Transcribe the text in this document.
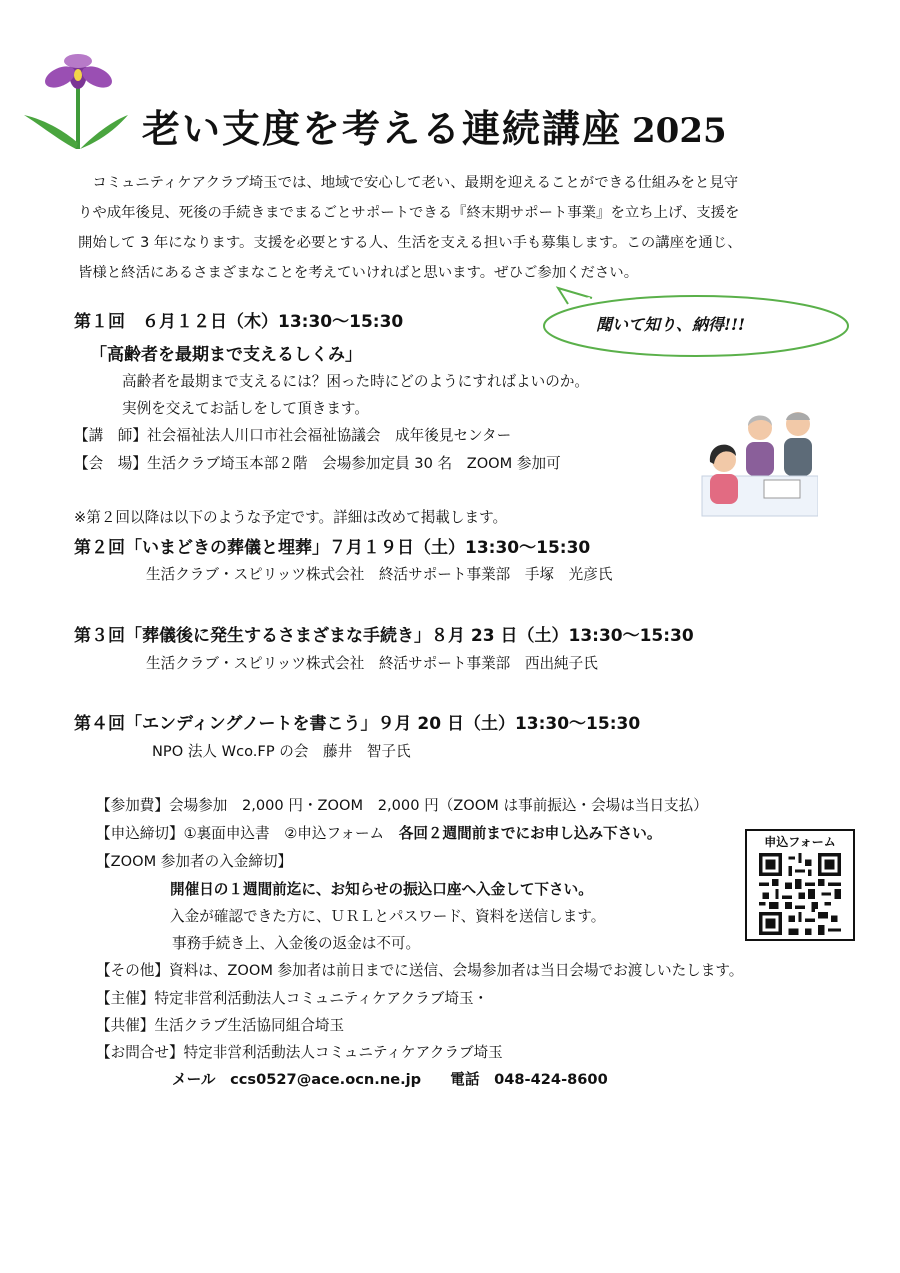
老い支度を考える連続講座 2025

　コミュニティケアクラブ埼玉では、地域で安心して老い、最期を迎えることができる仕組みをと見守

りや成年後見、死後の手続きまでまるごとサポートできる『終末期サポート事業』を立ち上げ、支援を

開始して 3 年になります。支援を必要とする人、生活を支える担い手も募集します。この講座を通じ、

皆様と終活にあるさまざまなことを考えていければと思います。ぜひご参加ください。

聞いて知り、納得!!!
第１回　６月１２日（木）13:30～15:30
「高齢者を最期まで支えるしくみ」
高齢者を最期まで支えるには？困った時にどのようにすればよいのか。
実例を交えてお話しをして頂きます。
【講　師】社会福祉法人川口市社会福祉協議会　成年後見センター
【会　場】生活クラブ埼玉本部２階　会場参加定員 30 名　ZOOM 参加可
※第２回以降は以下のような予定です。詳細は改めて掲載します。
第２回「いまどきの葬儀と埋葬」７月１９日（土）13:30～15:30
生活クラブ・スピリッツ株式会社　終活サポート事業部　手塚　光彦氏
第３回「葬儀後に発生するさまざまな手続き」８月 23 日（土）13:30～15:30
生活クラブ・スピリッツ株式会社　終活サポート事業部　西出純子氏
第４回「エンディングノートを書こう」９月 20 日（土）13:30～15:30
NPO 法人 Wco.FP の会　藤井　智子氏
【参加費】会場参加　2,000 円・ZOOM　2,000 円（ZOOM は事前振込・会場は当日支払）
【申込締切】①裏面申込書　②申込フォーム　各回２週間前までにお申し込み下さい。
【ZOOM 参加者の入金締切】
開催日の１週間前迄に、お知らせの振込口座へ入金して下さい。
入金が確認できた方に、ＵＲＬとパスワード、資料を送信します。
事務手続き上、入金後の返金は不可。
【その他】資料は、ZOOM 参加者は前日までに送信、会場参加者は当日会場でお渡しいたします。
【主催】特定非営利活動法人コミュニティケアクラブ埼玉・
【共催】生活クラブ生活協同組合埼玉
【お問合せ】特定非営利活動法人コミュニティケアクラブ埼玉
メール　ccs0527@ace.ocn.ne.jp　　電話　048-424-8600
申込フォーム
